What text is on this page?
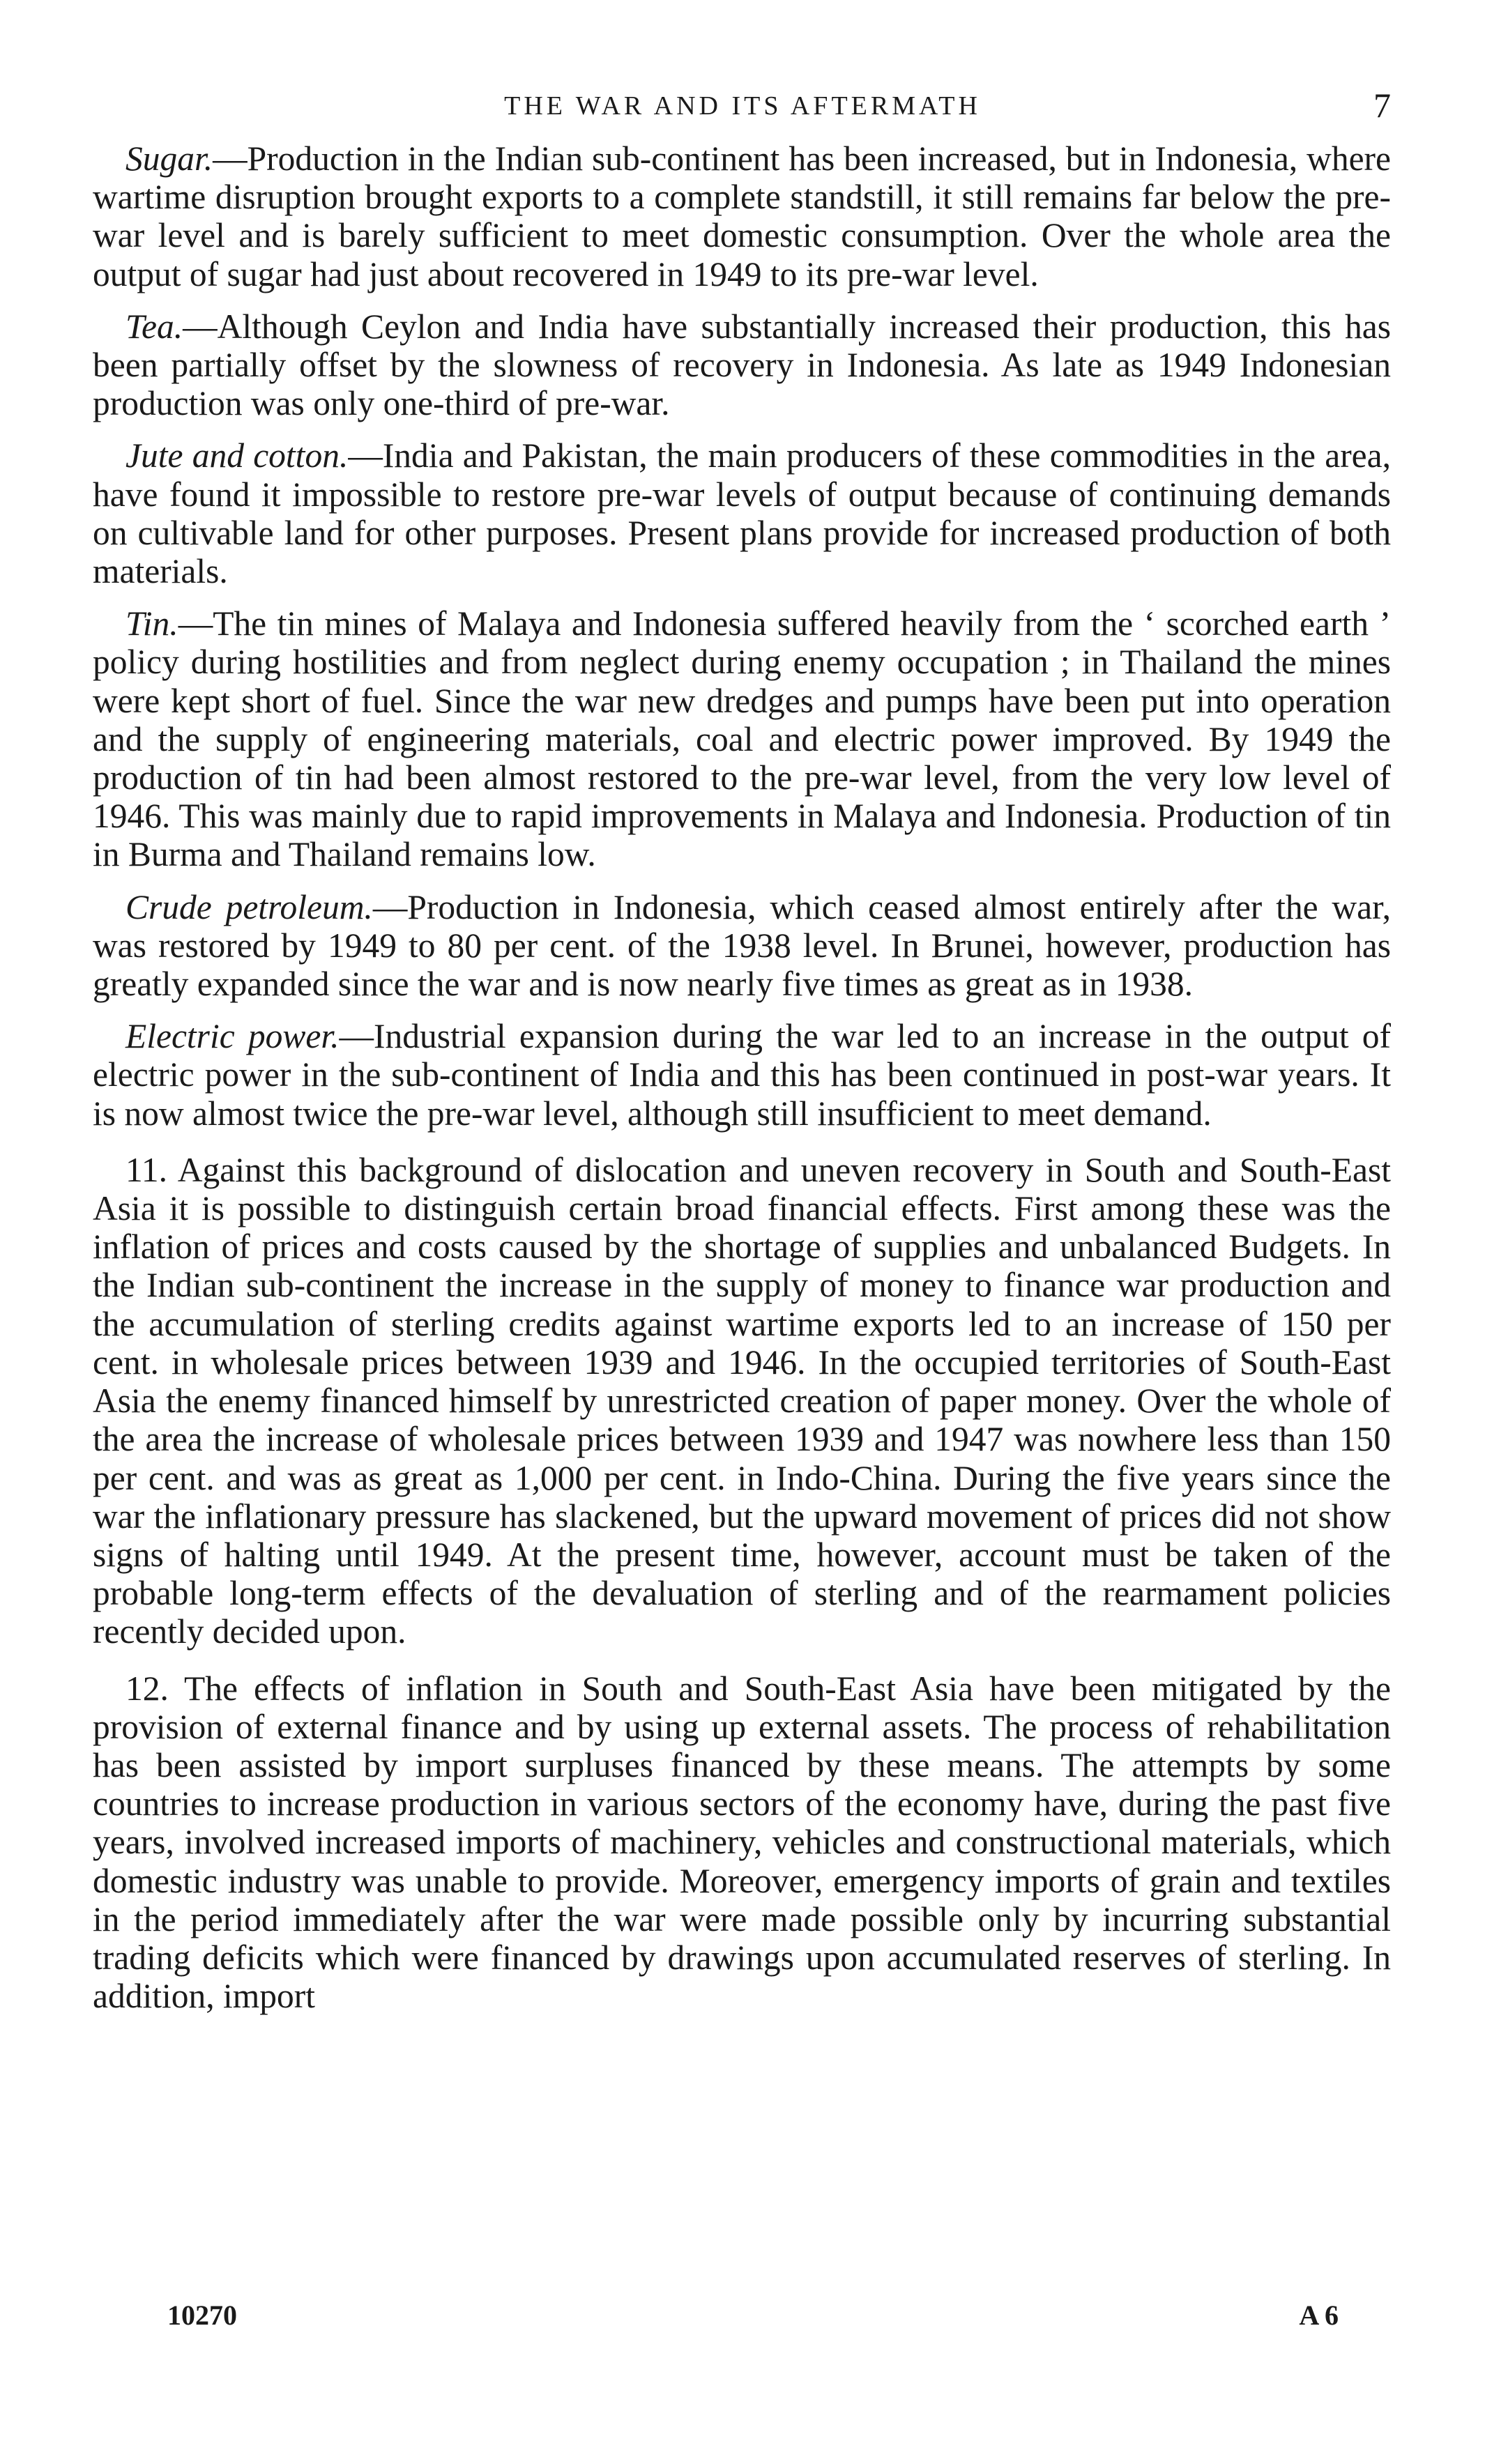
THE WAR AND ITS AFTERMATH	7

Sugar.—Production in the Indian sub-continent has been increased, but in Indonesia, where wartime disruption brought exports to a complete standstill, it still remains far below the pre-war level and is barely sufficient to meet domestic consumption. Over the whole area the output of sugar had just about recovered in 1949 to its pre-war level.

Tea.—Although Ceylon and India have substantially increased their production, this has been partially offset by the slowness of recovery in Indonesia. As late as 1949 Indonesian production was only one-third of pre-war.

Jute and cotton.—India and Pakistan, the main producers of these commodities in the area, have found it impossible to restore pre-war levels of output because of continuing demands on cultivable land for other purposes. Present plans provide for increased production of both materials.

Tin.—The tin mines of Malaya and Indonesia suffered heavily from the ‘ scorched earth ’ policy during hostilities and from neglect during enemy occupation ; in Thailand the mines were kept short of fuel. Since the war new dredges and pumps have been put into operation and the supply of engineering materials, coal and electric power improved. By 1949 the production of tin had been almost restored to the pre-war level, from the very low level of 1946. This was mainly due to rapid improvements in Malaya and Indonesia. Production of tin in Burma and Thailand remains low.

Crude petroleum.—Production in Indonesia, which ceased almost entirely after the war, was restored by 1949 to 80 per cent. of the 1938 level. In Brunei, however, production has greatly expanded since the war and is now nearly five times as great as in 1938.

Electric power.—Industrial expansion during the war led to an increase in the output of electric power in the sub-continent of India and this has been continued in post-war years. It is now almost twice the pre-war level, although still insufficient to meet demand.

11. Against this background of dislocation and uneven recovery in South and South-East Asia it is possible to distinguish certain broad financial effects. First among these was the inflation of prices and costs caused by the shortage of supplies and unbalanced Budgets. In the Indian sub-continent the increase in the supply of money to finance war production and the accumulation of sterling credits against wartime exports led to an increase of 150 per cent. in wholesale prices between 1939 and 1946. In the occupied territories of South-East Asia the enemy financed himself by unrestricted creation of paper money. Over the whole of the area the increase of wholesale prices between 1939 and 1947 was nowhere less than 150 per cent. and was as great as 1,000 per cent. in Indo-China. During the five years since the war the inflationary pressure has slackened, but the upward movement of prices did not show signs of halting until 1949. At the present time, however, account must be taken of the probable long-term effects of the devaluation of sterling and of the rearmament policies recently decided upon.

12. The effects of inflation in South and South-East Asia have been mitigated by the provision of external finance and by using up external assets. The process of rehabilitation has been assisted by import surpluses financed by these means. The attempts by some countries to increase production in various sectors of the economy have, during the past five years, involved increased imports of machinery, vehicles and constructional materials, which domestic industry was unable to provide. Moreover, emergency imports of grain and textiles in the period immediately after the war were made possible only by incurring substantial trading deficits which were financed by drawings upon accumulated reserves of sterling. In addition, import

10270	A 6
